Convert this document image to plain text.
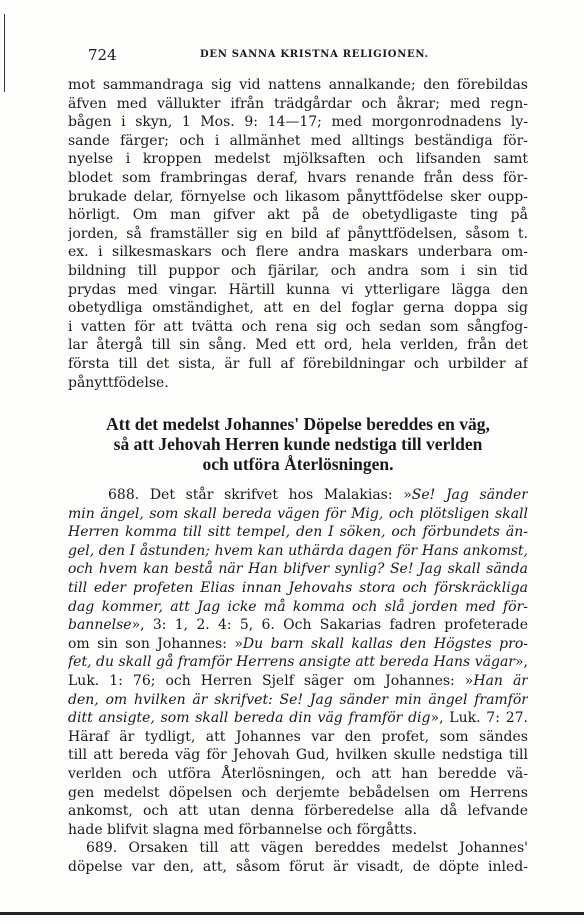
724	DEN SANNA KRISTNA RELIGIONEN.
mot sammandraga sig vid nattens annalkande; den förebildas
äfven med vällukter ifrån trädgårdar och åkrar; med regn-
bågen i skyn, 1 Mos. 9: 14—17; med morgonrodnadens ly-
sande färger; och i allmänhet med alltings beständiga för-
nyelse i kroppen medelst mjölksaften och lifsanden samt
blodet som frambringas deraf, hvars renande från dess för-
brukade delar, förnyelse och likasom pånyttfödelse sker oupp-
hörligt. Om man gifver akt på de obetydligaste ting på
jorden, så framställer sig en bild af pånyttfödelsen, såsom t.
ex. i silkesmaskars och flere andra maskars underbara om-
bildning till puppor och fjärilar, och andra som i sin tid
prydas med vingar. Härtill kunna vi ytterligare lägga den
obetydliga omständighet, att en del foglar gerna doppa sig
i vatten för att tvätta och rena sig och sedan som sångfog-
lar återgå till sin sång. Med ett ord, hela verlden, från det
första till det sista, är full af förebildningar och urbilder af
pånyttfödelse.
Att det medelst Johannes' Döpelse bereddes en väg,
så att Jehovah Herren kunde nedstiga till verlden
och utföra Återlösningen.
688. Det står skrifvet hos Malakias: »Se! Jag sänder
min ängel, som skall bereda vägen för Mig, och plötsligen skall
Herren komma till sitt tempel, den I söken, och förbundets än-
gel, den I åstunden; hvem kan uthärda dagen för Hans ankomst,
och hvem kan bestå när Han blifver synlig? Se! Jag skall sända
till eder profeten Elias innan Jehovahs stora och förskräckliga
dag kommer, att Jag icke må komma och slå jorden med för-
bannelse», 3: 1, 2. 4: 5, 6. Och Sakarias fadren profeterade
om sin son Johannes: »Du barn skall kallas den Högstes pro-
fet, du skall gå framför Herrens ansigte att bereda Hans vägar»,
Luk. 1: 76; och Herren Sjelf säger om Johannes: »Han är
den, om hvilken är skrifvet: Se! Jag sänder min ängel framför
ditt ansigte, som skall bereda din väg framför dig», Luk. 7: 27.
Häraf är tydligt, att Johannes var den profet, som sändes
till att bereda väg för Jehovah Gud, hvilken skulle nedstiga till
verlden och utföra Återlösningen, och att han beredde vä-
gen medelst döpelsen och derjemte bebådelsen om Herrens
ankomst, och att utan denna förberedelse alla då lefvande
hade blifvit slagna med förbannelse och förgåtts.
689. Orsaken till att vägen bereddes medelst Johannes'
döpelse var den, att, såsom förut är visadt, de döpte inled-
